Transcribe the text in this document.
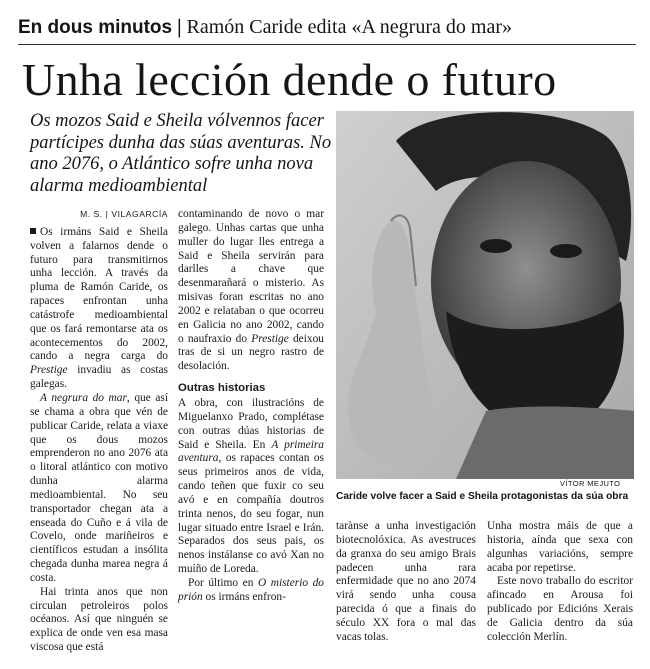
En dous minutos | Ramón Caride edita «A negrura do mar»
Unha lección dende o futuro
Os mozos Said e Sheila vólvennos facer partícipes dunha das súas aventuras. No ano 2076, o Atlántico sofre unha nova alarma medioambiental
M. S. | VILAGARCÍA

Os irmáns Said e Sheila volven a falarnos dende o futuro para transmitirnos unha lección. A través da pluma de Ramón Caride, os rapaces enfrontan unha catástrofe medioambiental que os fará remontarse ata os acontecementos do 2002, cando a negra carga do Prestige invadiu as costas galegas.

A negrura do mar, que así se chama a obra que vén de publicar Caride, relata a viaxe que os dous mozos emprenderon no ano 2076 ata o litoral atlántico con motivo dunha alarma medioambiental. No seu transportador chegan ata a enseada do Cuño e á vila de Covelo, onde mariñeiros e científicos estudan a insólita chegada dunha marea negra á costa.

Hai trinta anos que non circulan petroleiros polos océanos. Así que ninguén se explica de onde ven esa masa viscosa que está

contaminando de novo o mar galego. Unhas cartas que unha muller do lugar lles entrega a Said e Sheila servirán para darlles a chave que desenmarañará o misterio. As misivas foran escritas no ano 2002 e relataban o que ocorreu en Galicia no ano 2002, cando o naufraxio do Prestige deixou tras de si un negro rastro de desolación.

Outras historias

A obra, con ilustracións de Miguelanxo Prado, complétase con outras dúas historias de Said e Sheila. En A primeira aventura, os rapaces contan os seus primeiros anos de vida, cando teñen que fuxir co seu avó e en compañía doutros trinta nenos, do seu fogar, nun lugar situado entre Israel e Irán. Separados dos seus pais, os nenos instálanse co avó Xan no muíño de Loreda.

Por último en O misterio do prión os irmáns enfron-

VÍTOR MEJUTO
Caride volve facer a Said e Sheila protagonistas da súa obra

tarànse a unha investigación biotecnolóxica. As avestruces da granxa do seu amigo Brais padecen unha rara enfermidade que no ano 2074 virá sendo unha cousa parecida ó que a finais do século XX fora o mal das vacas tolas.

Unha mostra máis de que a historia, aínda que sexa con algunhas variacións, sempre acaba por repetirse.

Este novo traballo do escritor afincado en Arousa foi publicado por Edicións Xerais de Galicia dentro da súa colección Merlín.
